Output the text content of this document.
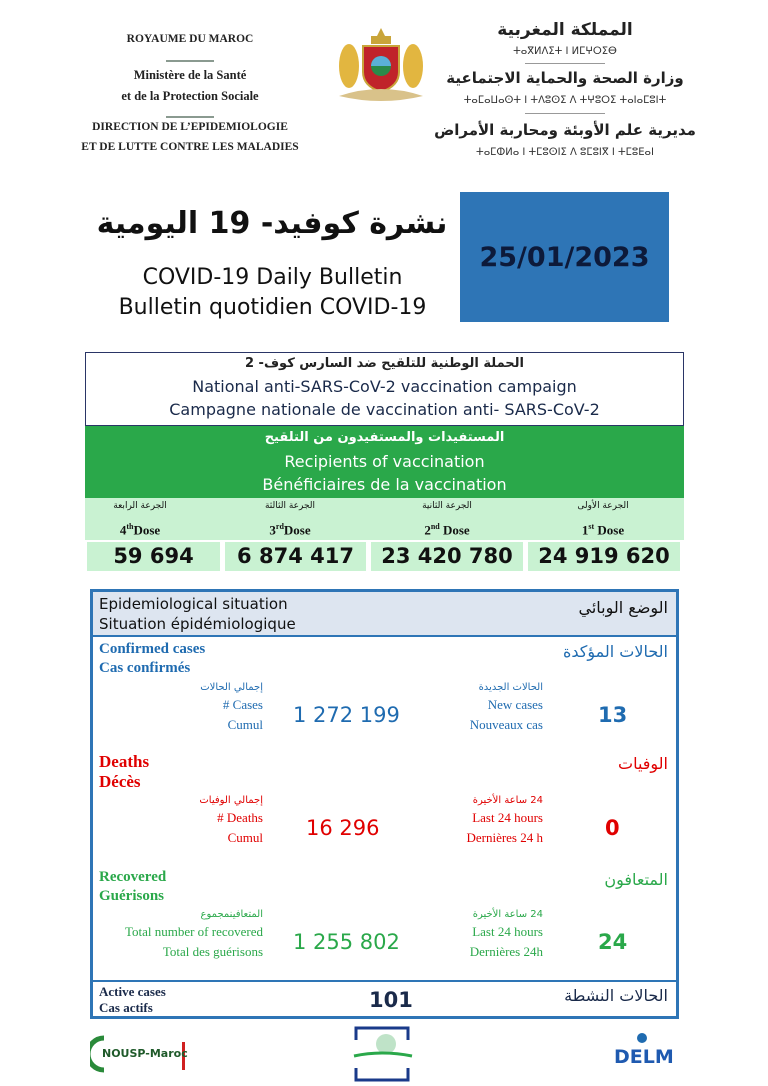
ROYAUME DU MAROC
Ministère de la Santé
et de la Protection Sociale
DIRECTION DE L’EPIDEMIOLOGIE
ET DE LUTTE CONTRE LES MALADIES
المملكة المغربية
ⵜⴰⴳⵍⴷⵉⵜ ⵏ ⵍⵎⵖⵔⵉⴱ
وزارة الصحة والحماية الاجتماعية
ⵜⴰⵎⴰⵡⴰⵙⵜ ⵏ ⵜⴷⵓⵙⵉ ⴷ ⵜⵖⵓⵔⵉ ⵜⴰⵏⴰⵎⵓⵏⵜ
مديرية علم الأوبئة ومحاربة الأمراض
ⵜⴰⵎⵀⵍⴰ ⵏ ⵜⵎⵓⵙⵏⵉ ⴷ ⵓⵎⵓⵏⴳ ⵏ ⵜⵎⵓⴹⴰⵏ
نشرة كوفيد- 19 اليومية
COVID-19 Daily Bulletin
Bulletin quotidien COVID-19
25/01/2023
الحملة الوطنية للتلقيح ضد السارس كوف- 2
National anti-SARS-CoV-2 vaccination campaign
Campagne nationale de vaccination anti- SARS-CoV-2
المستفيدات والمستفيدون من التلقيح
Recipients of vaccination
Bénéficiaires de la vaccination
الجرعة الرابعة
4thDose
الجرعة الثالثة
3rdDose
الجرعة الثانية
2nd Dose
الجرعة الأولى
1st Dose
59 694	6 874 417	23 420 780	24 919 620
Epidemiological situation
Situation épidémiologique
الوضع الوبائي
Confirmed cases
Cas confirmés
الحالات المؤكدة
إجمالي الحالات
# Cases
Cumul 1 272 199
الحالات الجديدة
New cases
Nouveaux cas	13
Deaths
Décès
الوفيات
إجمالي الوفيات
# Deaths
Cumul 16 296
24 ساعة الأخيرة
Last 24 hours
Dernières 24 h	0
Recovered
Guérisons
المتعافون
المتعافينمجموع
Total number of recovered
Total des guérisons 1 255 802
24 ساعة الأخيرة
Last 24 hours
Dernières 24h	24
Active cases
Cas actifs	101	الحالات النشطة
NOUSP-Maroc	DELM
